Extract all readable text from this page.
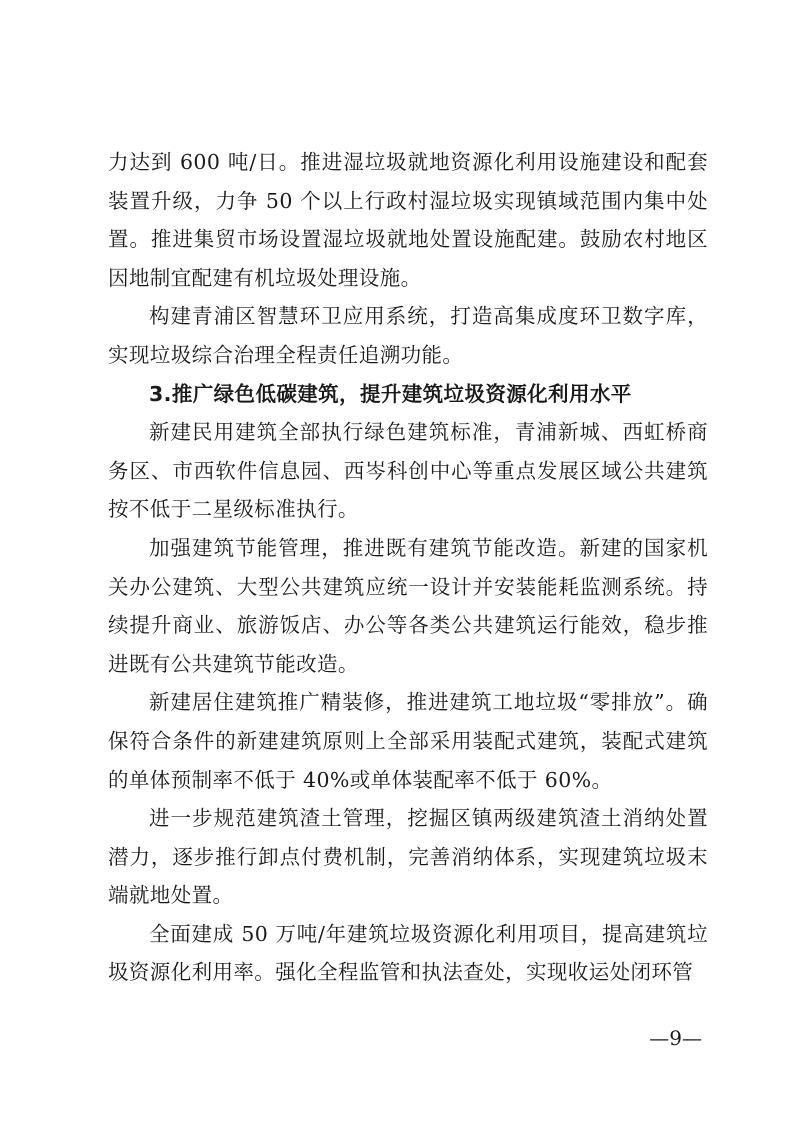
力达到 600 吨/日。推进湿垃圾就地资源化利用设施建设和配套装置升级，力争 50 个以上行政村湿垃圾实现镇域范围内集中处置。推进集贸市场设置湿垃圾就地处置设施配建。鼓励农村地区因地制宜配建有机垃圾处理设施。

构建青浦区智慧环卫应用系统，打造高集成度环卫数字库，实现垃圾综合治理全程责任追溯功能。

3.推广绿色低碳建筑，提升建筑垃圾资源化利用水平

新建民用建筑全部执行绿色建筑标准，青浦新城、西虹桥商务区、市西软件信息园、西岑科创中心等重点发展区域公共建筑按不低于二星级标准执行。

加强建筑节能管理，推进既有建筑节能改造。新建的国家机关办公建筑、大型公共建筑应统一设计并安装能耗监测系统。持续提升商业、旅游饭店、办公等各类公共建筑运行能效，稳步推进既有公共建筑节能改造。

新建居住建筑推广精装修，推进建筑工地垃圾“零排放”。确保符合条件的新建建筑原则上全部采用装配式建筑，装配式建筑的单体预制率不低于 40%或单体装配率不低于 60%。

进一步规范建筑渣土管理，挖掘区镇两级建筑渣土消纳处置潜力，逐步推行卸点付费机制，完善消纳体系，实现建筑垃圾末端就地处置。

全面建成 50 万吨/年建筑垃圾资源化利用项目，提高建筑垃圾资源化利用率。强化全程监管和执法查处，实现收运处闭环管

—9—
